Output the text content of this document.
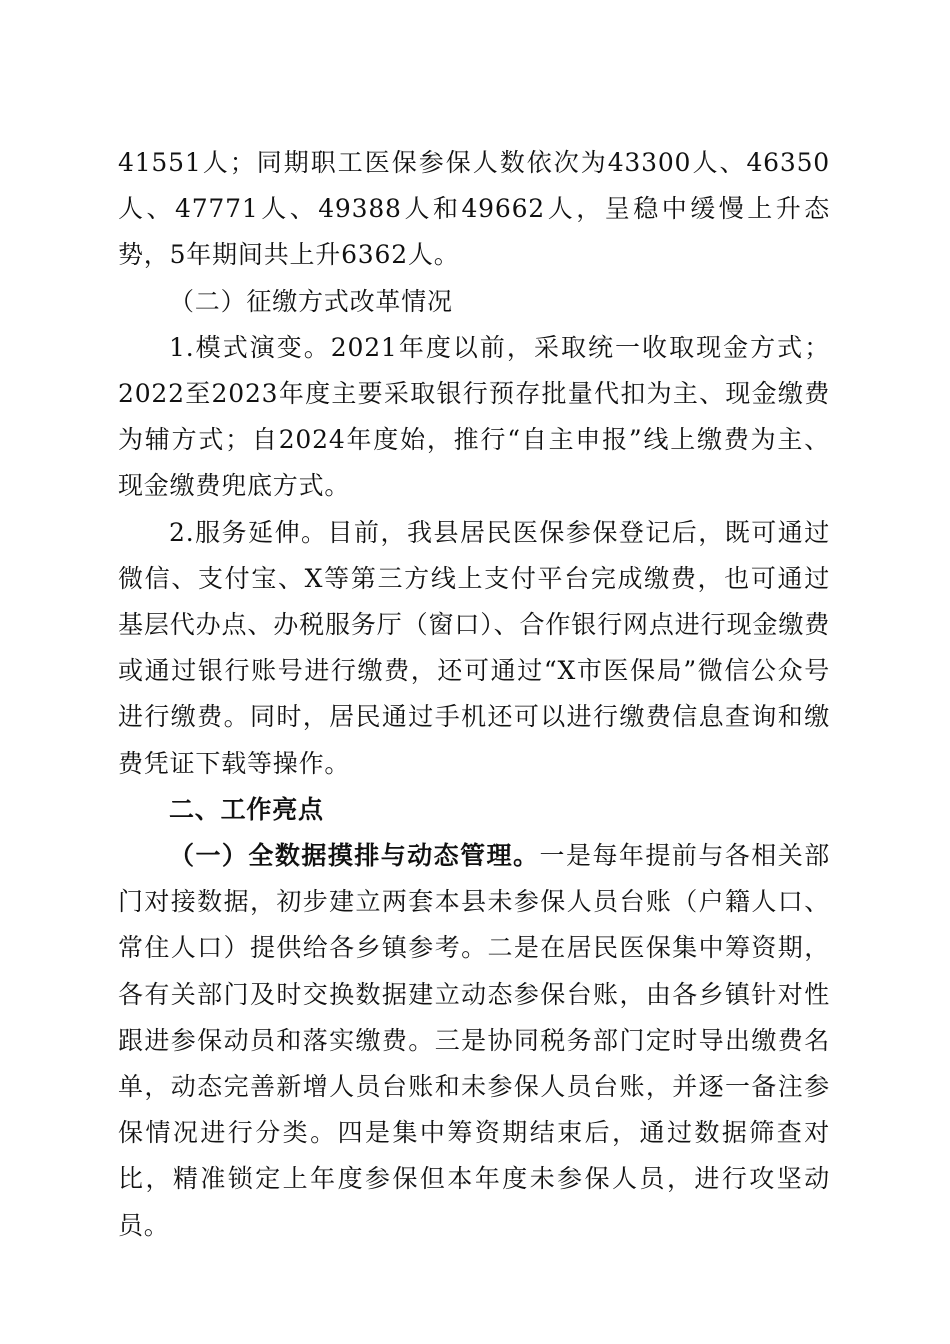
41551人；同期职工医保参保人数依次为43300人、46350人、47771人、49388人和49662人，呈稳中缓慢上升态势，5年期间共上升6362人。

（二）征缴方式改革情况

1.模式演变。2021年度以前，采取统一收取现金方式；2022至2023年度主要采取银行预存批量代扣为主、现金缴费为辅方式；自2024年度始，推行“自主申报”线上缴费为主、现金缴费兜底方式。

2.服务延伸。目前，我县居民医保参保登记后，既可通过微信、支付宝、X等第三方线上支付平台完成缴费，也可通过基层代办点、办税服务厅（窗口）、合作银行网点进行现金缴费或通过银行账号进行缴费，还可通过“X市医保局”微信公众号进行缴费。同时，居民通过手机还可以进行缴费信息查询和缴费凭证下载等操作。

二、工作亮点

（一）全数据摸排与动态管理。一是每年提前与各相关部门对接数据，初步建立两套本县未参保人员台账（户籍人口、常住人口）提供给各乡镇参考。二是在居民医保集中筹资期，各有关部门及时交换数据建立动态参保台账，由各乡镇针对性跟进参保动员和落实缴费。三是协同税务部门定时导出缴费名单，动态完善新增人员台账和未参保人员台账，并逐一备注参保情况进行分类。四是集中筹资期结束后，通过数据筛查对比，精准锁定上年度参保但本年度未参保人员，进行攻坚动员。
